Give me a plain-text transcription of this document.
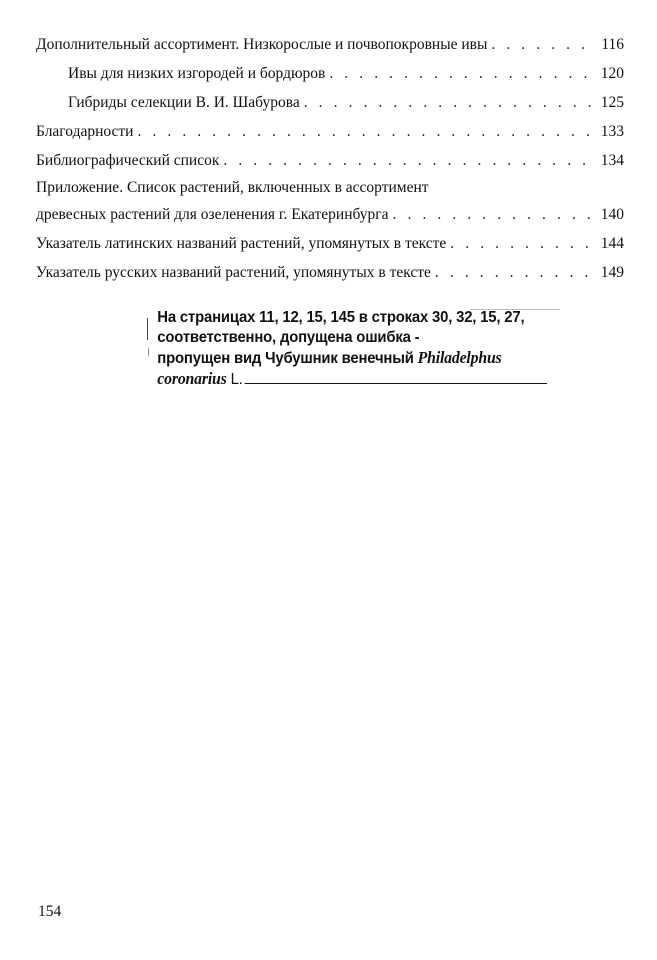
Дополнительный ассортимент. Низкорослые и почвопокровные ивы . . .	116
Ивы для низких изгородей и бордюров . . .	120
Гибриды селекции В. И. Шабурова . . .	125
Благодарности . . .	133
Библиографический список . . .	134
Приложение. Список растений, включенных в ассортимент
древесных растений для озеленения г. Екатеринбурга . . .	140
Указатель латинских названий растений, упомянутых в тексте . . .	144
Указатель русских названий растений, упомянутых в тексте . . .	149
На страницах 11, 12, 15, 145 в строках 30, 32, 15, 27,
соответственно, допущена ошибка -
пропущен вид Чубушник венечный Philadelphus
coronarius L.
154
